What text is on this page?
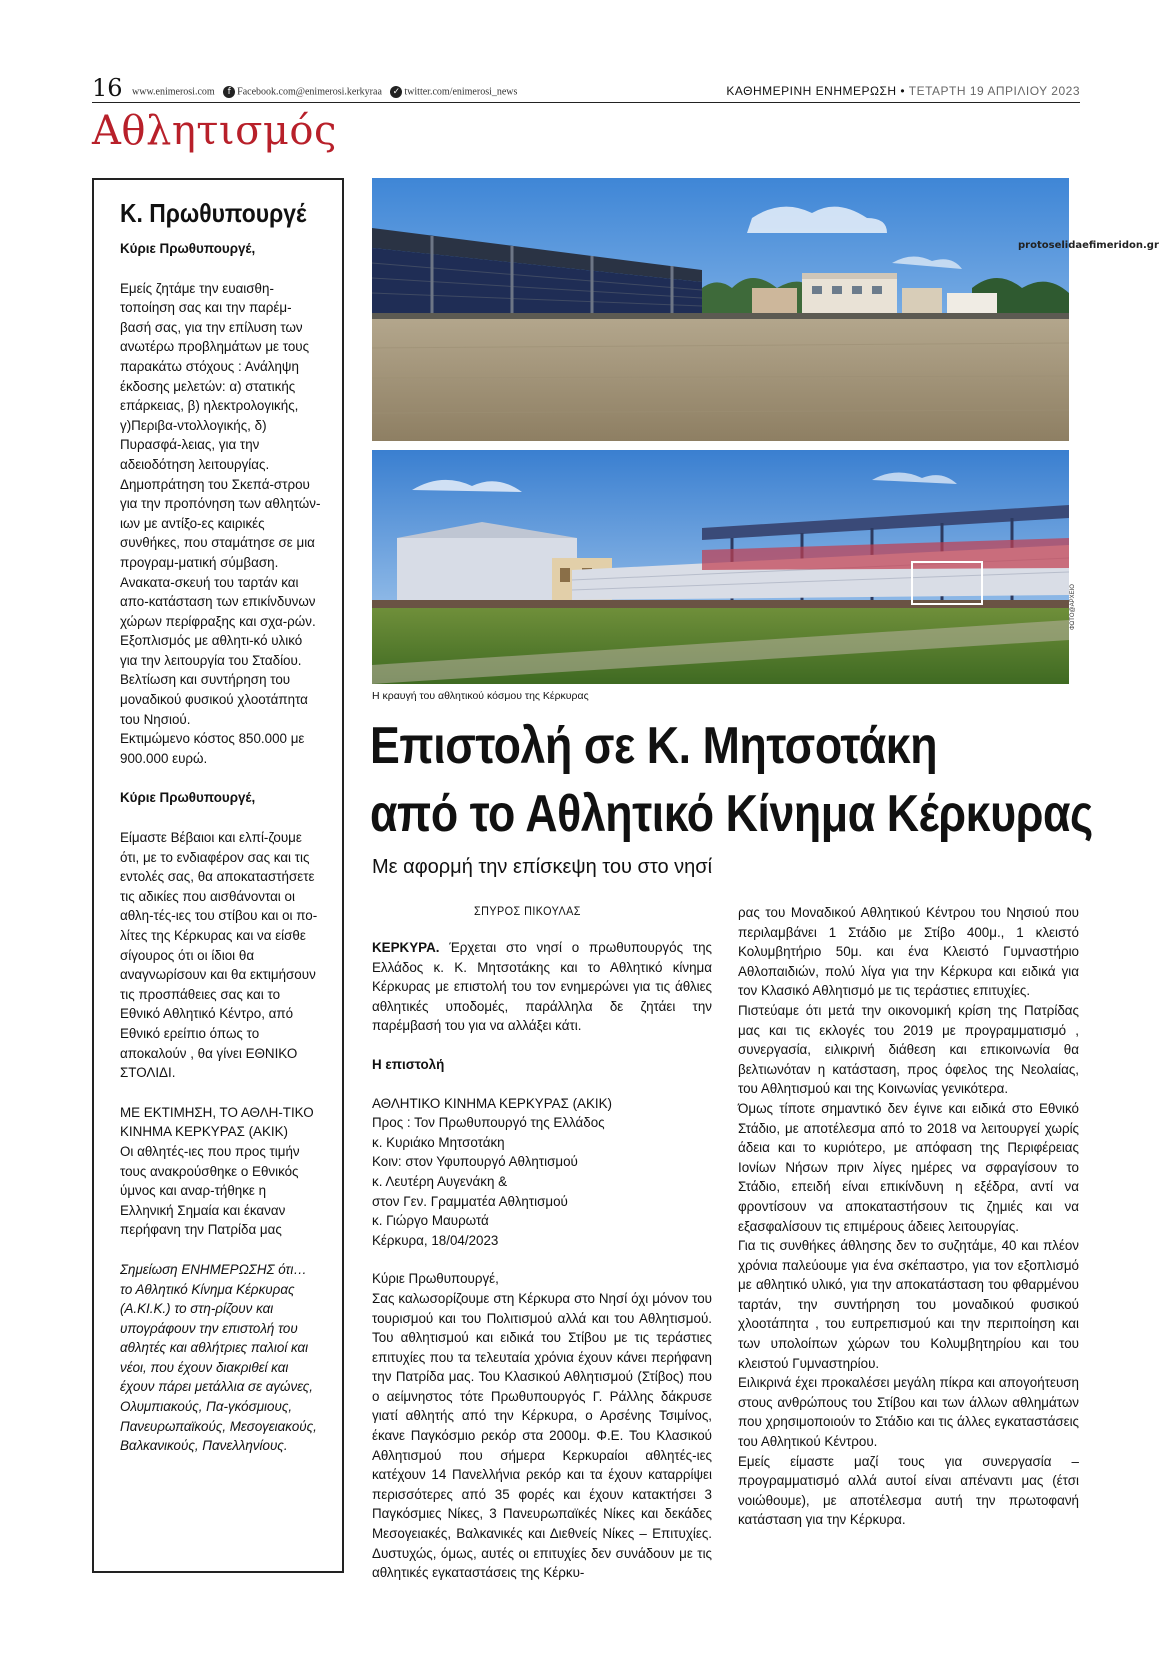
16 www.enimerosi.com f Facebook.com@enimerosi.kerkyraa ✓ twitter.com/enimerosi_news	ΚΑΘΗΜΕΡΙΝΗ ΕΝΗΜΕΡΩΣΗ • ΤΕΤΑΡΤΗ 19 ΑΠΡΙΛΙΟΥ 2023
Αθλητισμός
Κ. Πρωθυπουργέ

Κύριε Πρωθυπουργέ,

Εμείς ζητάμε την ευαισθη-τοποίηση σας και την παρέμ-βασή σας, για την επίλυση των ανωτέρω προβλημάτων με τους παρακάτω στόχους : Ανάληψη έκδοσης μελετών: α) στατικής επάρκειας, β) ηλεκτρολογικής, γ)Περιβα-ντολλογικής, δ) Πυρασφά-λειας, για την αδειοδότηση λειτουργίας.

Δημοπράτηση του Σκεπά-στρου για την προπόνηση των αθλητών-ιων με αντίξο-ες καιρικές συνθήκες, που σταμάτησε σε μια προγραμ-ματική σύμβαση. Ανακατα-σκευή του ταρτάν και απο-κατάσταση των επικίνδυνων χώρων περίφραξης και σχα-ρών. Εξοπλισμός με αθλητι-κό υλικό για την λειτουργία του Σταδίου. Βελτίωση και συντήρηση του μοναδικού φυσικού χλοοτάπητα του Νησιού.

Εκτιμώμενο κόστος 850.000 με 900.000 ευρώ.

Κύριε Πρωθυπουργέ,

Είμαστε Βέβαιοι και ελπί-ζουμε ότι, με το ενδιαφέρον σας και τις εντολές σας, θα αποκαταστήσετε τις αδικίες που αισθάνονται οι αθλη-τές-ιες του στίβου και οι πο-λίτες της Κέρκυρας και να είσθε σίγουρος ότι οι ίδιοι θα αναγνωρίσουν και θα εκτιμήσουν τις προσπάθειες σας και το Εθνικό Αθλητικό Κέντρο, από Εθνικό ερείπιο όπως το αποκαλούν , θα γίνει ΕΘΝΙΚΟ ΣΤΟΛΙΔΙ.

ΜΕ ΕΚΤΙΜΗΣΗ, ΤΟ ΑΘΛΗ-ΤΙΚΟ ΚΙΝΗΜΑ ΚΕΡΚΥΡΑΣ (ΑΚΙΚ)

Οι αθλητές-ιες που προς τιμήν τους ανακρούσθηκε ο Εθνικός ύμνος και αναρ-τήθηκε η Ελληνική Σημαία και έκαναν περήφανη την Πατρίδα μας

Σημείωση ΕΝΗΜΕΡΩΣΗΣ ότι… το Αθλητικό Κίνημα Κέρκυρας (Α.ΚΙ.Κ.) το στη-ρίζουν και υπογράφουν την επιστολή του αθλητές και αθλήτριες παλιοί και νέοι, που έχουν διακριθεί και έχουν πάρει μετάλλια σε αγώνες, Ολυμπιακούς, Πα-γκόσμιους, Πανευρωπαϊκούς, Μεσογειακούς, Βαλκανικούς, Πανελληνίους.

protoselidaefimeridon.gr
ΦΩΤΟ@ΑΡΧΕΙΟ
Η κραυγή του αθλητικού κόσμου της Κέρκυρας
Επιστολή σε Κ. Μητσοτάκη
από το Αθλητικό Κίνημα Κέρκυρας
Με αφορμή την επίσκεψη του στο νησί
ΣΠΥΡΟΣ ΠΙΚΟΥΛΑΣ

ΚΕΡΚΥΡΑ. Έρχεται στο νησί ο πρωθυπουργός της Ελλάδος κ. Κ. Μητσοτάκης και το Αθλητικό κίνημα Κέρκυρας με επιστολή του τον ενημερώνει για τις άθλιες αθλητικές υποδομές, παράλληλα δε ζητάει την παρέμβασή του για να αλλάξει κάτι.

Η επιστολή

ΑΘΛΗΤΙΚΟ ΚΙΝΗΜΑ ΚΕΡΚΥΡΑΣ (ΑΚΙΚ)

Προς : Τον Πρωθυπουργό της Ελλάδος

κ. Κυριάκο Μητσοτάκη

Κοιν: στον Υφυπουργό Αθλητισμού

κ. Λευτέρη Αυγενάκη &

στον Γεν. Γραμματέα Αθλητισμού

κ. Γιώργο Μαυρωτά

Κέρκυρα, 18/04/2023

Κύριε Πρωθυπουργέ,

Σας καλωσορίζουμε στη Κέρκυρα στο Νησί όχι μόνον του τουρισμού και του Πολιτισμού αλλά και του Αθλητισμού. Του αθλητισμού και ειδικά του Στίβου με τις τεράστιες επιτυχίες που τα τελευταία χρόνια έχουν κάνει περήφανη την Πατρίδα μας. Του Κλασικού Αθλητισμού (Στίβος) που ο αείμνηστος τότε Πρωθυπουργός Γ. Ράλλης δάκρυσε γιατί αθλητής από την Κέρκυρα, ο Αρσένης Τσιμίνος, έκανε Παγκόσμιο ρεκόρ στα 2000μ. Φ.Ε. Του Κλασικού Αθλητισμού που σήμερα Κερκυραίοι αθλητές-ιες κατέχουν 14 Πανελλήνια ρεκόρ και τα έχουν καταρρίψει περισσότερες από 35 φορές και έχουν κατακτήσει 3 Παγκόσμιες Νίκες, 3 Πανευρωπαϊκές Νίκες και δεκάδες Μεσογειακές, Βαλκανικές και Διεθνείς Νίκες – Επιτυχίες. Δυστυχώς, όμως, αυτές οι επιτυχίες δεν συνάδουν με τις αθλητικές εγκαταστάσεις της Κέρκυ-

ρας του Μοναδικού Αθλητικού Κέντρου του Νησιού που περιλαμβάνει 1 Στάδιο με Στίβο 400μ., 1 κλειστό Κολυμβητήριο 50μ. και ένα Κλειστό Γυμναστήριο Αθλοπαιδιών, πολύ λίγα για την Κέρκυρα και ειδικά για τον Κλασικό Αθλητισμό με τις τεράστιες επιτυχίες.

Πιστεύαμε ότι μετά την οικονομική κρίση της Πατρίδας μας και τις εκλογές του 2019 με προγραμματισμό , συνεργασία, ειλικρινή διάθεση και επικοινωνία θα βελτιωνόταν η κατάσταση, προς όφελος της Νεολαίας, του Αθλητισμού και της Κοινωνίας γενικότερα.

Όμως τίποτε σημαντικό δεν έγινε και ειδικά στο Εθνικό Στάδιο, με αποτέλεσμα από το 2018 να λειτουργεί χωρίς άδεια και το κυριότερο, με απόφαση της Περιφέρειας Ιονίων Νήσων πριν λίγες ημέρες να σφραγίσουν το Στάδιο, επειδή είναι επικίνδυνη η εξέδρα, αντί να φροντίσουν να αποκαταστήσουν τις ζημιές και να εξασφαλίσουν τις επιμέρους άδειες λειτουργίας.

Για τις συνθήκες άθλησης δεν το συζητάμε, 40 και πλέον χρόνια παλεύουμε για ένα σκέπαστρο, για τον εξοπλισμό με αθλητικό υλικό, για την αποκατάσταση του φθαρμένου ταρτάν, την συντήρηση του μοναδικού φυσικού χλοοτάπητα , του ευπρεπισμού και την περιποίηση και των υπολοίπων χώρων του Κολυμβητηρίου και του κλειστού Γυμναστηρίου.

Ειλικρινά έχει προκαλέσει μεγάλη πίκρα και απογοήτευση στους ανθρώπους του Στίβου και των άλλων αθλημάτων που χρησιμοποιούν το Στάδιο και τις άλλες εγκαταστάσεις του Αθλητικού Κέντρου.

Εμείς είμαστε μαζί τους για συνεργασία – προγραμματισμό αλλά αυτοί είναι απέναντι μας (έτσι νοιώθουμε), με αποτέλεσμα αυτή την πρωτοφανή κατάσταση για την Κέρκυρα.
